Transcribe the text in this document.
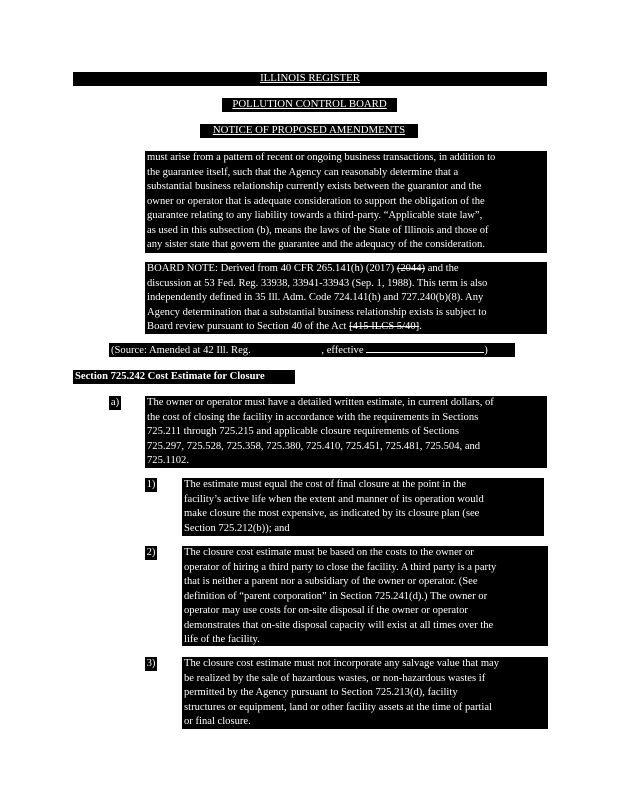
ILLINOIS REGISTER
POLLUTION CONTROL BOARD
NOTICE OF PROPOSED AMENDMENTS
must arise from a pattern of recent or ongoing business transactions, in addition to
the guarantee itself, such that the Agency can reasonably determine that a
substantial business relationship currently exists between the guarantor and the
owner or operator that is adequate consideration to support the obligation of the
guarantee relating to any liability towards a third-party. “Applicable state law”,
as used in this subsection (b), means the laws of the State of Illinois and those of
any sister state that govern the guarantee and the adequacy of the consideration.
BOARD NOTE: Derived from 40 CFR 265.141(h) (2017) (2044) and the
discussion at 53 Fed. Reg. 33938, 33941-33943 (Sep. 1, 1988). This term is also
independently defined in 35 Ill. Adm. Code 724.141(h) and 727.240(b)(8). Any
Agency determination that a substantial business relationship exists is subject to
Board review pursuant to Section 40 of the Act [415 ILCS 5/40].
(Source: Amended at 42 Ill. Reg.	, effective	)
Section 725.242 Cost Estimate for Closure
a)	The owner or operator must have a detailed written estimate, in current dollars, of
the cost of closing the facility in accordance with the requirements in Sections
725.211 through 725.215 and applicable closure requirements of Sections
725.297, 725.528, 725.358, 725.380, 725.410, 725.451, 725.481, 725.504, and
725.1102.
1)	The estimate must equal the cost of final closure at the point in the
facility’s active life when the extent and manner of its operation would
make closure the most expensive, as indicated by its closure plan (see
Section 725.212(b)); and
2)	The closure cost estimate must be based on the costs to the owner or
operator of hiring a third party to close the facility. A third party is a party
that is neither a parent nor a subsidiary of the owner or operator. (See
definition of “parent corporation” in Section 725.241(d).) The owner or
operator may use costs for on-site disposal if the owner or operator
demonstrates that on-site disposal capacity will exist at all times over the
life of the facility.
3)	The closure cost estimate must not incorporate any salvage value that may
be realized by the sale of hazardous wastes, or non-hazardous wastes if
permitted by the Agency pursuant to Section 725.213(d), facility
structures or equipment, land or other facility assets at the time of partial
or final closure.
